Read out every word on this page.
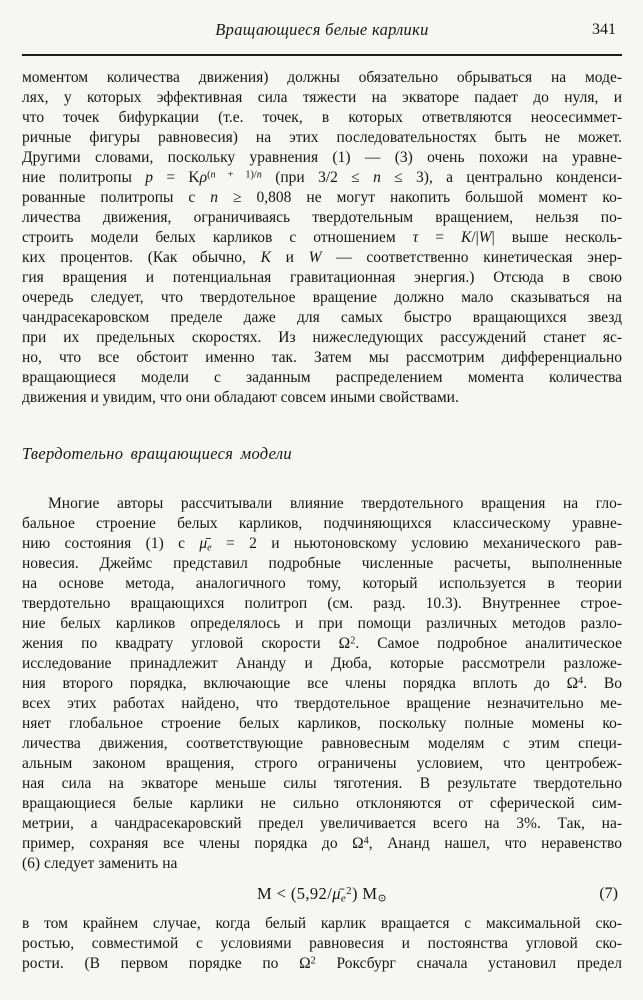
Вращающиеся белые карлики	341
моментом количества движения) должны обязательно обрываться на моде-
лях, у которых эффективная сила тяжести на экваторе падает до нуля, и
что точек бифуркации (т.е. точек, в которых ответвляются неосесиммет-
ричные фигуры равновесия) на этих последовательностях быть не может.
Другими словами, поскольку уравнения (1) — (3) очень похожи на уравне-
ние политропы $p = K\rho^{(n + 1)/n}$ (при 3/2 ≤ n ≤ 3), а центрально конденси-
рованные политропы с n ≥ 0,808 не могут накопить большой момент ко-
личества движения, ограничиваясь твердотельным вращением, нельзя по-
строить модели белых карликов с отношением τ = K/|W| выше несколь-
ких процентов. (Как обычно, K и W — соответственно кинетическая энер-
гия вращения и потенциальная гравитационная энергия.) Отсюда в свою
очередь следует, что твердотельное вращение должно мало сказываться на
чандрасекаровском пределе даже для самых быстро вращающихся звезд
при их предельных скоростях. Из нижеследующих рассуждений станет яс-
но, что все обстоит именно так. Затем мы рассмотрим дифференциально
вращающиеся модели с заданным распределением момента количества
движения и увидим, что они обладают совсем иными свойствами.
Твердотельно вращающиеся модели
Многие авторы рассчитывали влияние твердотельного вращения на гло-
бальное строение белых карликов, подчиняющихся классическому уравне-
нию состояния (1) с $\mū_e = 2$ и ньютоновскому условию механического рав-
новесия. Джеймс представил подробные численные расчеты, выполненные
на основе метода, аналогичного тому, который используется в теории
твердотельно вращающихся политроп (см. разд. 10.3). Внутреннее строе-
ние белых карликов определялось и при помощи различных методов разло-
жения по квадрату угловой скорости $\Omega^2$. Самое подробное аналитическое
исследование принадлежит Ананду и Дюба, которые рассмотрели разложе-
ния второго порядка, включающие все члены порядка вплоть до $\Omega^4$. Во
всех этих работах найдено, что твердотельное вращение незначительно ме-
няет глобальное строение белых карликов, поскольку полные момены ко-
личества движения, соответствующие равновесным моделям с этим специ-
альным законом вращения, строго ограничены условием, что центробеж-
ная сила на экваторе меньше силы тяготения. В результате твердотельно
вращающиеся белые карлики не сильно отклоняются от сферической сим-
метрии, а чандрасекаровский предел увеличивается всего на 3%. Так, на-
пример, сохраняя все члены порядка до $\Omega^4$, Ананд нашел, что неравенство
(6) следует заменить на
$M < (5,92/\mū_e^2)$ $M_⊙$	(7)
в том крайнем случае, когда белый карлик вращается с максимальной ско-
ростью, совместимой с условиями равновесия и постоянства угловой ско-
рости. (В первом порядке по $\Omega^2$ Роксбург сначала установил предел
